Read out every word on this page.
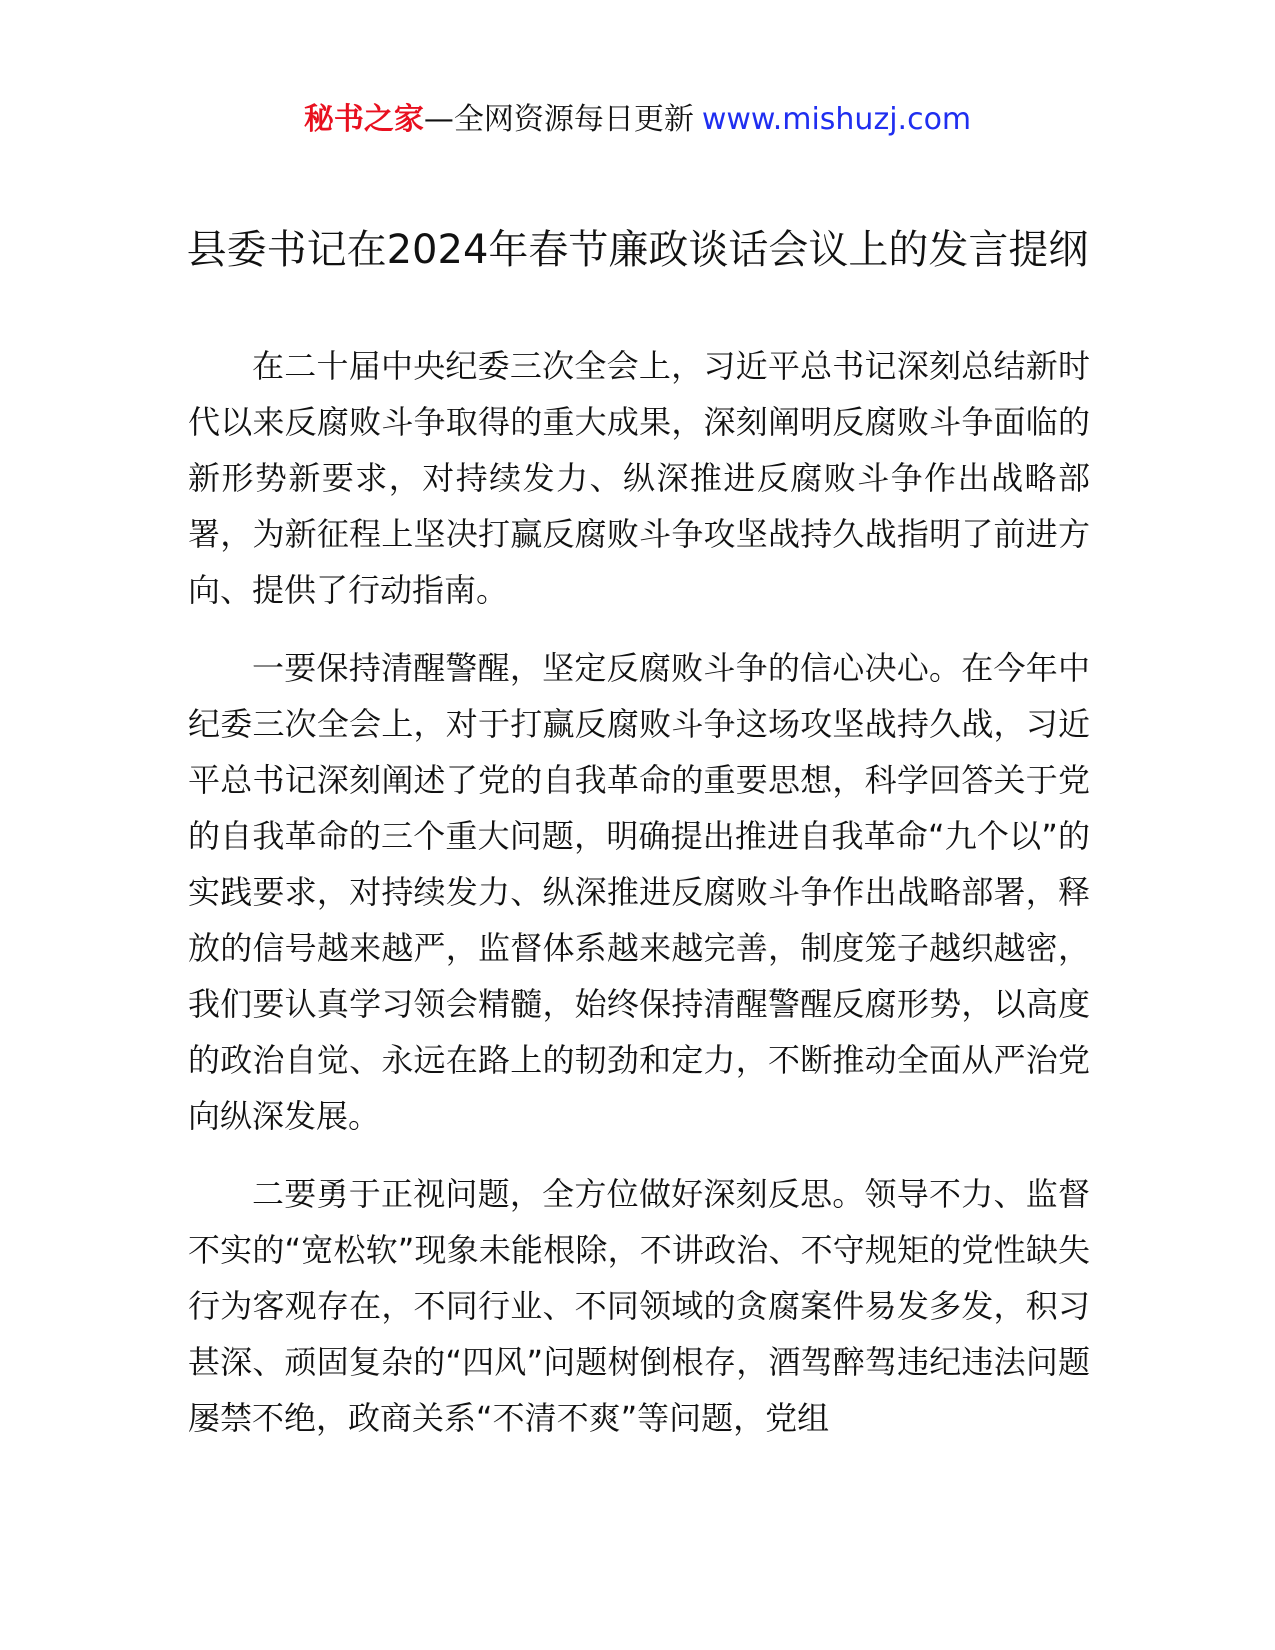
秘书之家—全网资源每日更新 www.mishuzj.com
县委书记在2024年春节廉政谈话会议上的发言提纲

在二十届中央纪委三次全会上，习近平总书记深刻总结新时代以来反腐败斗争取得的重大成果，深刻阐明反腐败斗争面临的新形势新要求，对持续发力、纵深推进反腐败斗争作出战略部署，为新征程上坚决打赢反腐败斗争攻坚战持久战指明了前进方向、提供了行动指南。

一要保持清醒警醒，坚定反腐败斗争的信心决心。在今年中纪委三次全会上，对于打赢反腐败斗争这场攻坚战持久战，习近平总书记深刻阐述了党的自我革命的重要思想，科学回答关于党的自我革命的三个重大问题，明确提出推进自我革命“九个以”的实践要求，对持续发力、纵深推进反腐败斗争作出战略部署，释放的信号越来越严，监督体系越来越完善，制度笼子越织越密，我们要认真学习领会精髓，始终保持清醒警醒反腐形势，以高度的政治自觉、永远在路上的韧劲和定力，不断推动全面从严治党向纵深发展。

二要勇于正视问题，全方位做好深刻反思。领导不力、监督不实的“宽松软”现象未能根除，不讲政治、不守规矩的党性缺失行为客观存在，不同行业、不同领域的贪腐案件易发多发，积习甚深、顽固复杂的“四风”问题树倒根存，酒驾醉驾违纪违法问题屡禁不绝，政商关系“不清不爽”等问题，党组
